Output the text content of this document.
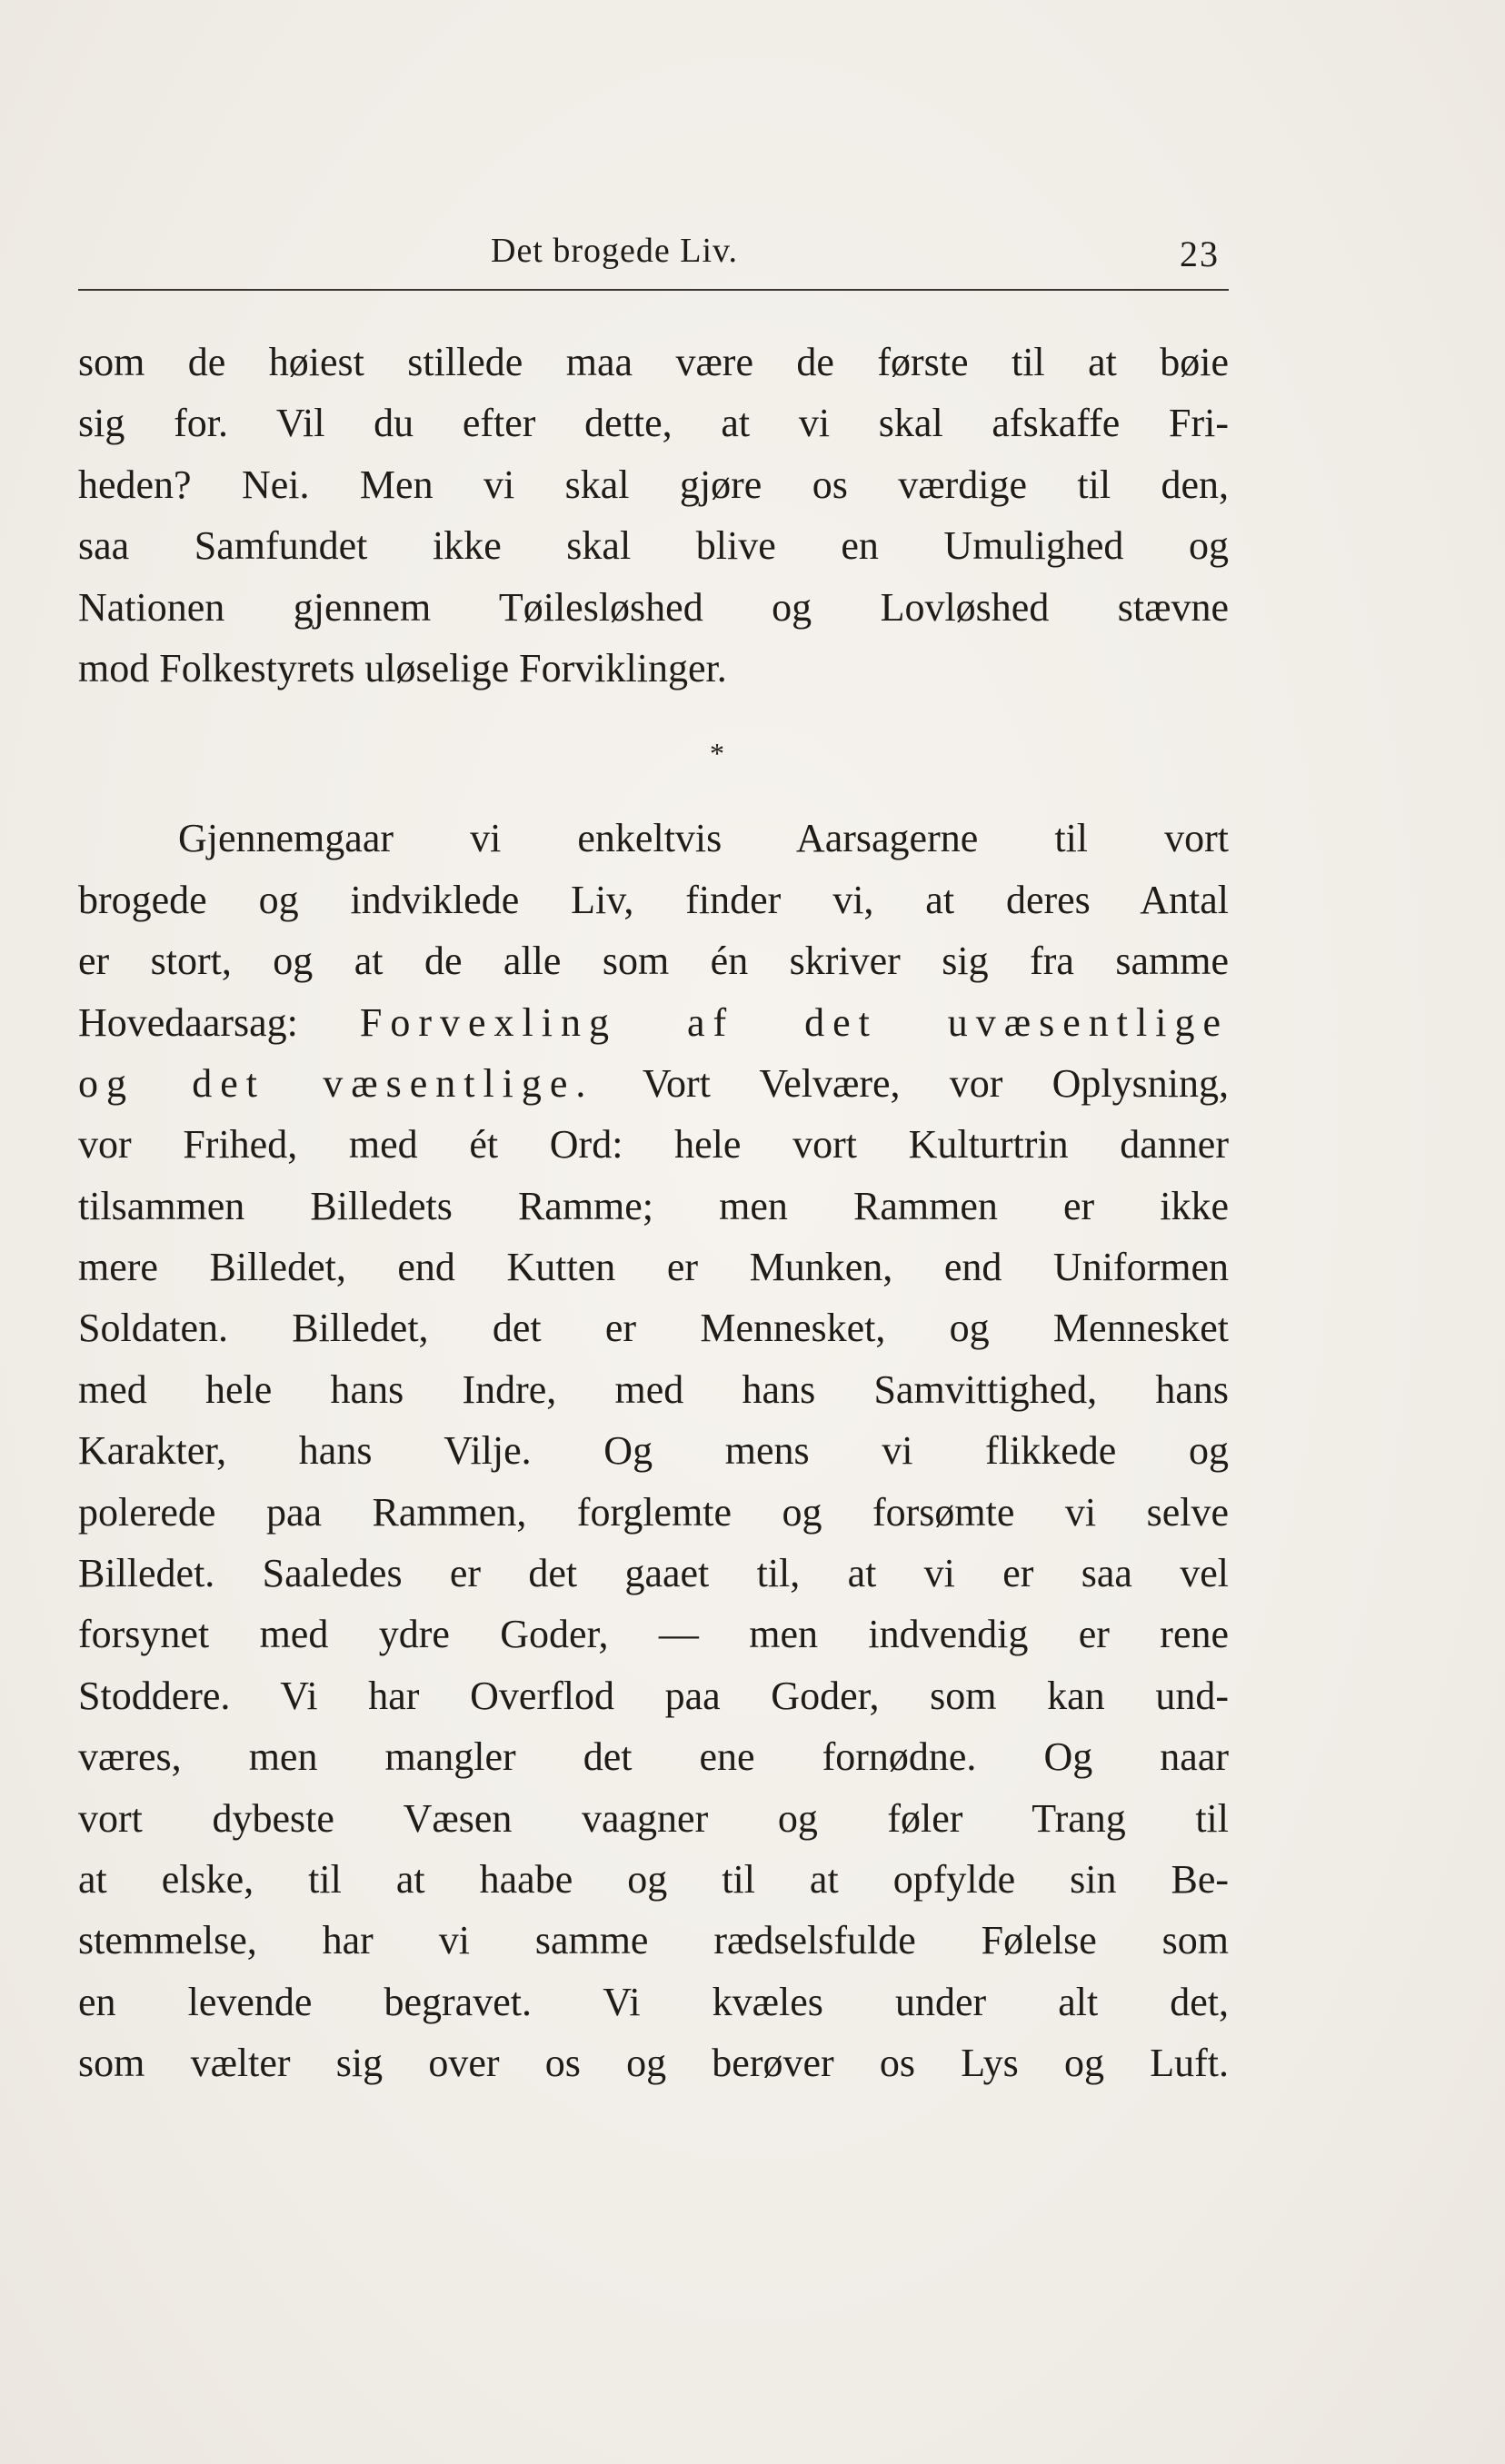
Det brogede Liv.	23
som de høiest stillede maa være de første til at bøie
sig for. Vil du efter dette, at vi skal afskaffe Fri-
heden? Nei. Men vi skal gjøre os værdige til den,
saa Samfundet ikke skal blive en Umulighed og
Nationen gjennem Tøilesløshed og Lovløshed stævne
mod Folkestyrets uløselige Forviklinger.
*
Gjennemgaar vi enkeltvis Aarsagerne til vort
brogede og indviklede Liv, finder vi, at deres Antal
er stort, og at de alle som én skriver sig fra samme
Hovedaarsag: Forvexling af det uvæsentlige
og det væsentlige. Vort Velvære, vor Oplysning,
vor Frihed, med ét Ord: hele vort Kulturtrin danner
tilsammen Billedets Ramme; men Rammen er ikke
mere Billedet, end Kutten er Munken, end Uniformen
Soldaten. Billedet, det er Mennesket, og Mennesket
med hele hans Indre, med hans Samvittighed, hans
Karakter, hans Vilje. Og mens vi flikkede og
polerede paa Rammen, forglemte og forsømte vi selve
Billedet. Saaledes er det gaaet til, at vi er saa vel
forsynet med ydre Goder, — men indvendig er rene
Stoddere. Vi har Overflod paa Goder, som kan und-
væres, men mangler det ene fornødne. Og naar
vort dybeste Væsen vaagner og føler Trang til
at elske, til at haabe og til at opfylde sin Be-
stemmelse, har vi samme rædselsfulde Følelse som
en levende begravet. Vi kvæles under alt det,
som vælter sig over os og berøver os Lys og Luft.
